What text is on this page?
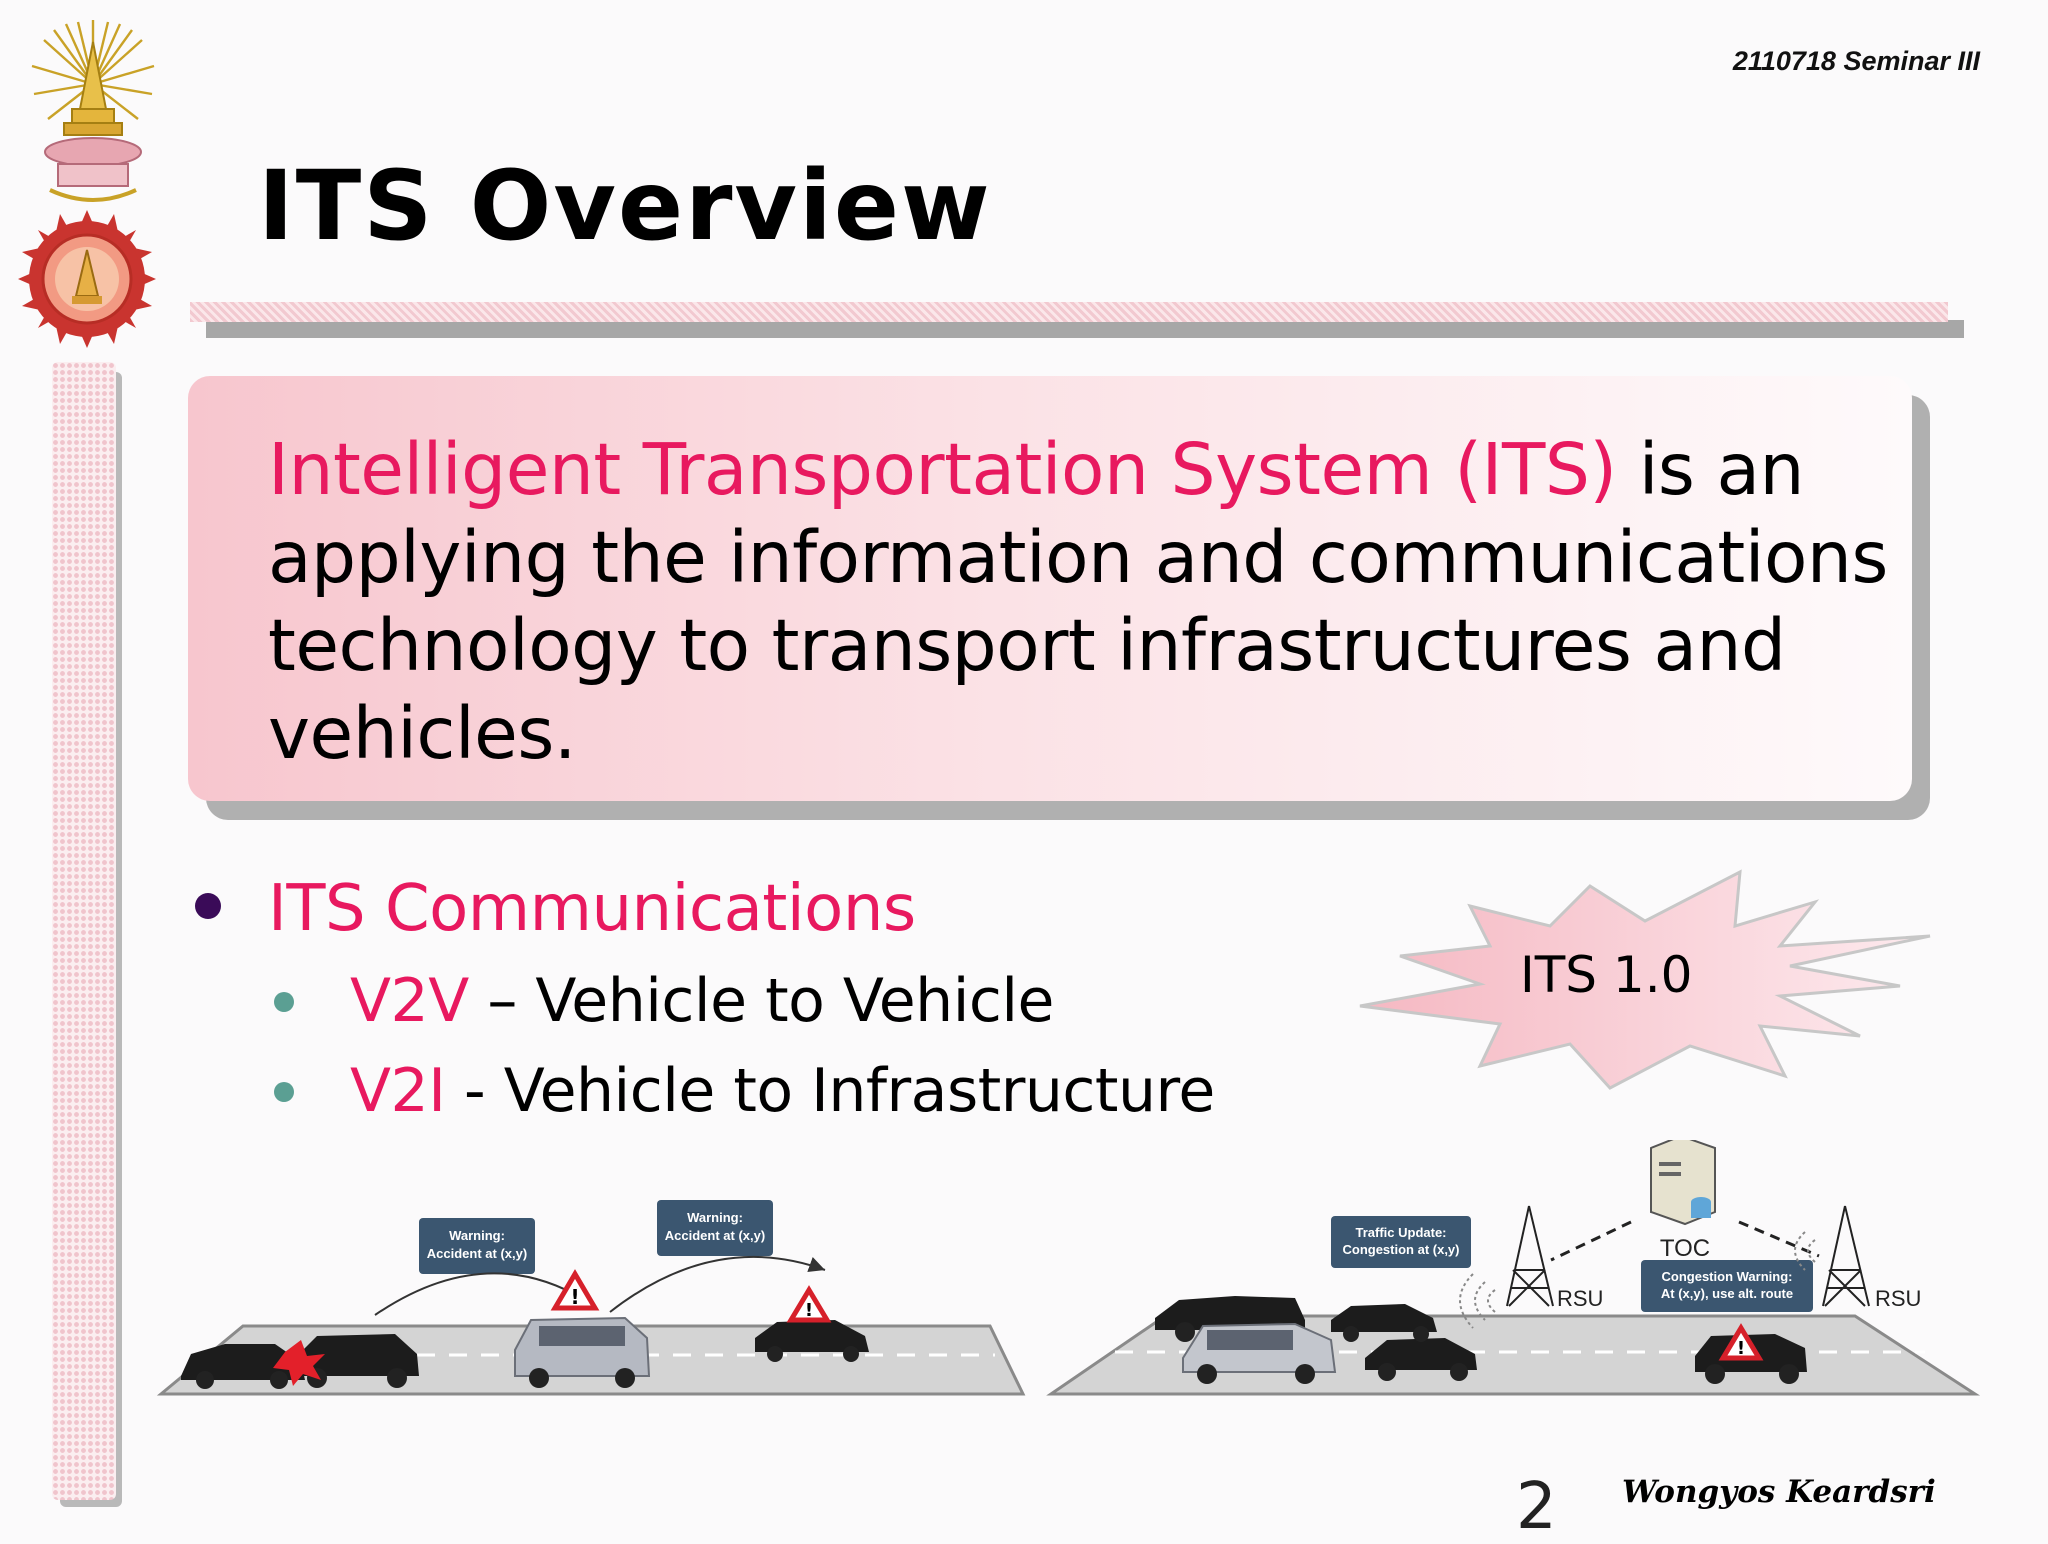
2110718 Seminar III
ITS Overview
Intelligent Transportation System (ITS) is an
applying the information and communications
technology to transport infrastructures and
vehicles.
ITS Communications
V2V – Vehicle to Vehicle
V2I - Vehicle to Infrastructure
ITS 1.0
Warning:
Accident at (x,y)
Warning:
Accident at (x,y)
!
!
Traffic Update:
Congestion at (x,y)
Congestion Warning:
At (x,y), use alt. route
TOC
RSU	RSU
!
2 Wongyos Keardsri
